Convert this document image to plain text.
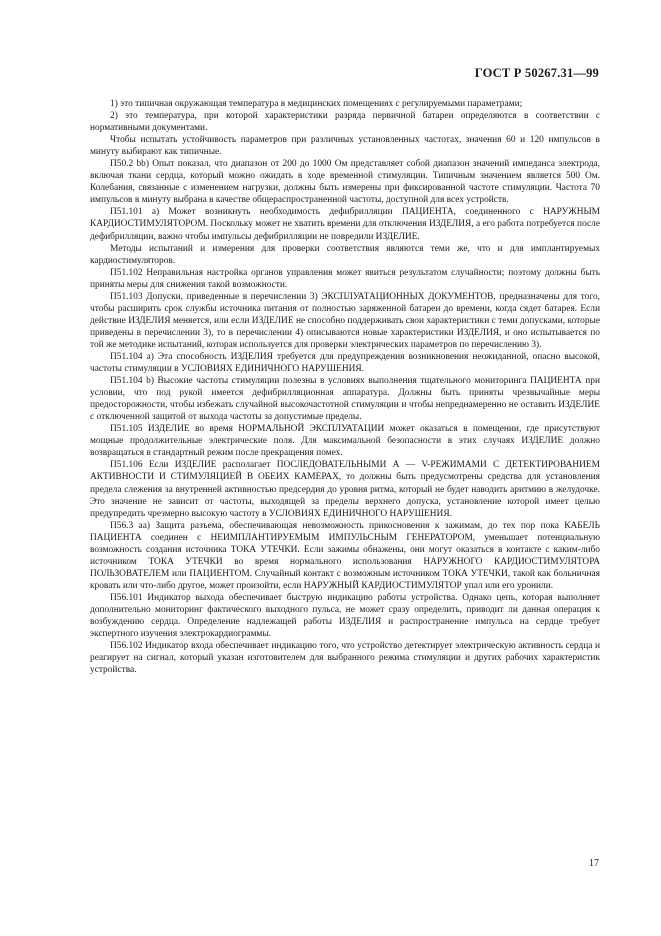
ГОСТ Р 50267.31—99

1) это типичная окружающая температура в медицинских помещениях с регулируемыми параметрами;

2) это температура, при которой характеристики разряда первичной батареи определяются в соответствии с нормативными документами.

Чтобы испытать устойчивость параметров при различных установленных частотах, значения 60 и 120 импульсов в минуту выбирают как типичные.

П50.2 bb) Опыт показал, что диапазон от 200 до 1000 Ом представляет собой диапазон значений импеданса электрода, включая ткани сердца, который можно ожидать в ходе временной стимуляции. Типичным значением является 500 Ом. Колебания, связанные с изменением нагрузки, должны быть измерены при фиксированной частоте стимуляции. Частота 70 импульсов в минуту выбрана в качестве общераспространенной частоты, доступной для всех устройств.

П51.101 а) Может возникнуть необходимость дефибрилляции ПАЦИЕНТА, соединенного с НАРУЖНЫМ КАРДИОСТИМУЛЯТОРОМ. Поскольку может не хватить времени для отключения ИЗДЕЛИЯ, а его работа потребуется после дефибрилляции, важно чтобы импульсы дефибрилляции не повредили ИЗДЕЛИЕ.

Методы испытаний и измерения для проверки соответствия являются теми же, что и для имплантируемых кардиостимуляторов.

П51.102 Неправильная настройка органов управления может явиться результатом случайности; поэтому должны быть приняты меры для снижения такой возможности.

П51.103 Допуски, приведенные в перечислении 3) ЭКСПЛУАТАЦИОННЫХ ДОКУМЕНТОВ, предназначены для того, чтобы расширить срок службы источника питания от полностью заряженной батареи до времени, когда сядет батарея. Если действие ИЗДЕЛИЯ меняется, или если ИЗДЕЛИЕ не способно поддерживать свои характеристики с теми допусками, которые приведены в перечислении 3), то в перечислении 4) описываются новые характеристики ИЗДЕЛИЯ, и оно испытывается по той же методике испытаний, которая используется для проверки электрических параметров по перечислению 3).

П51.104 а) Эта способность ИЗДЕЛИЯ требуется для предупреждения возникновения неожиданной, опасно высокой, частоты стимуляции в УСЛОВИЯХ ЕДИНИЧНОГО НАРУШЕНИЯ.

П51.104 b) Высокие частоты стимуляции полезны в условиях выполнения тщательного мониторинга ПАЦИЕНТА при условии, что под рукой имеется дефибрилляционная аппаратура. Должны быть приняты чрезвычайные меры предосторожности, чтобы избежать случайной высокочастотной стимуляции и чтобы непреднамеренно не оставить ИЗДЕЛИЕ с отключенной защитой от выхода частоты за допустимые пределы.

П51.105 ИЗДЕЛИЕ во время НОРМАЛЬНОЙ ЭКСПЛУАТАЦИИ может оказаться в помещении, где присутствуют мощные продолжительные электрические поля. Для максимальной безопасности в этих случаях ИЗДЕЛИЕ должно возвращаться в стандартный режим после прекращения помех.

П51.106 Если ИЗДЕЛИЕ располагает ПОСЛЕДОВАТЕЛЬНЫМИ А — V-РЕЖИМАМИ С ДЕТЕКТИРОВАНИЕМ АКТИВНОСТИ И СТИМУЛЯЦИЕЙ В ОБЕИХ КАМЕРАХ, то должны быть предусмотрены средства для установления предела слежения за внутренней активностью предсердия до уровня ритма, который не будет наводить аритмию в желудочке. Это значение не зависит от частоты, выходящей за пределы верхнего допуска, установление которой имеет целью предупредить чрезмерно высокую частоту в УСЛОВИЯХ ЕДИНИЧНОГО НАРУШЕНИЯ.

П56.3 аа) Защита разъема, обеспечивающая невозможность прикосновения к зажимам, до тех пор пока КАБЕЛЬ ПАЦИЕНТА соединен с НЕИМПЛАНТИРУЕМЫМ ИМПУЛЬСНЫМ ГЕНЕРАТОРОМ, уменьшает потенциальную возможность создания источника ТОКА УТЕЧКИ. Если зажимы обнажены, они могут оказаться в контакте с каким-либо источником ТОКА УТЕЧКИ во время нормального использования НАРУЖНОГО КАРДИОСТИМУЛЯТОРА ПОЛЬЗОВАТЕЛЕМ или ПАЦИЕНТОМ. Случайный контакт с возможным источником ТОКА УТЕЧКИ, такой как больничная кровать или что-либо другое, может произойти, если НАРУЖНЫЙ КАРДИОСТИМУЛЯТОР упал или его уронили.

П56.101 Индикатор выхода обеспечивает быструю индикацию работы устройства. Однако цепь, которая выполняет дополнительно мониторинг фактического выходного пульса, не может сразу определить, приводит ли данная операция к возбуждению сердца. Определение надлежащей работы ИЗДЕЛИЯ и распространение импульса на сердце требует экспертного изучения электрокардиограммы.

П56.102 Индикатор входа обеспечивает индикацию того, что устройство детектирует электрическую активность сердца и реагирует на сигнал, который указан изготовителем для выбранного режима стимуляции и других рабочих характеристик устройства.

17
